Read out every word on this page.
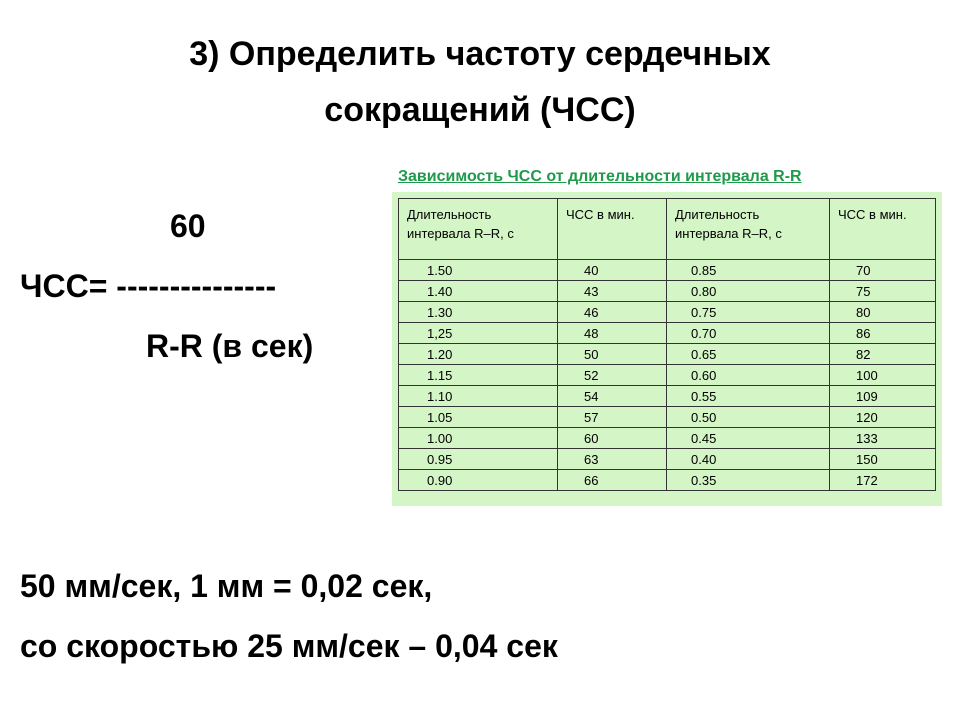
3) Определить частоту сердечных
сокращений (ЧСС)
60
ЧСС= ---------------
R-R (в сек)
Зависимость ЧСС от длительности интервала R-R
Длительность интервала R–R, с	ЧСС в мин.	Длительность интервала R–R, с	ЧСС в мин.
1.50	40	0.85	70
1.40	43	0.80	75
1.30	46	0.75	80
1,25	48	0.70	86
1.20	50	0.65	82
1.15	52	0.60	100
1.10	54	0.55	109
1.05	57	0.50	120
1.00	60	0.45	133
0.95	63	0.40	150
0.90	66	0.35	172
50 мм/сек, 1 мм = 0,02 сек,
со скоростью 25 мм/сек – 0,04 сек
